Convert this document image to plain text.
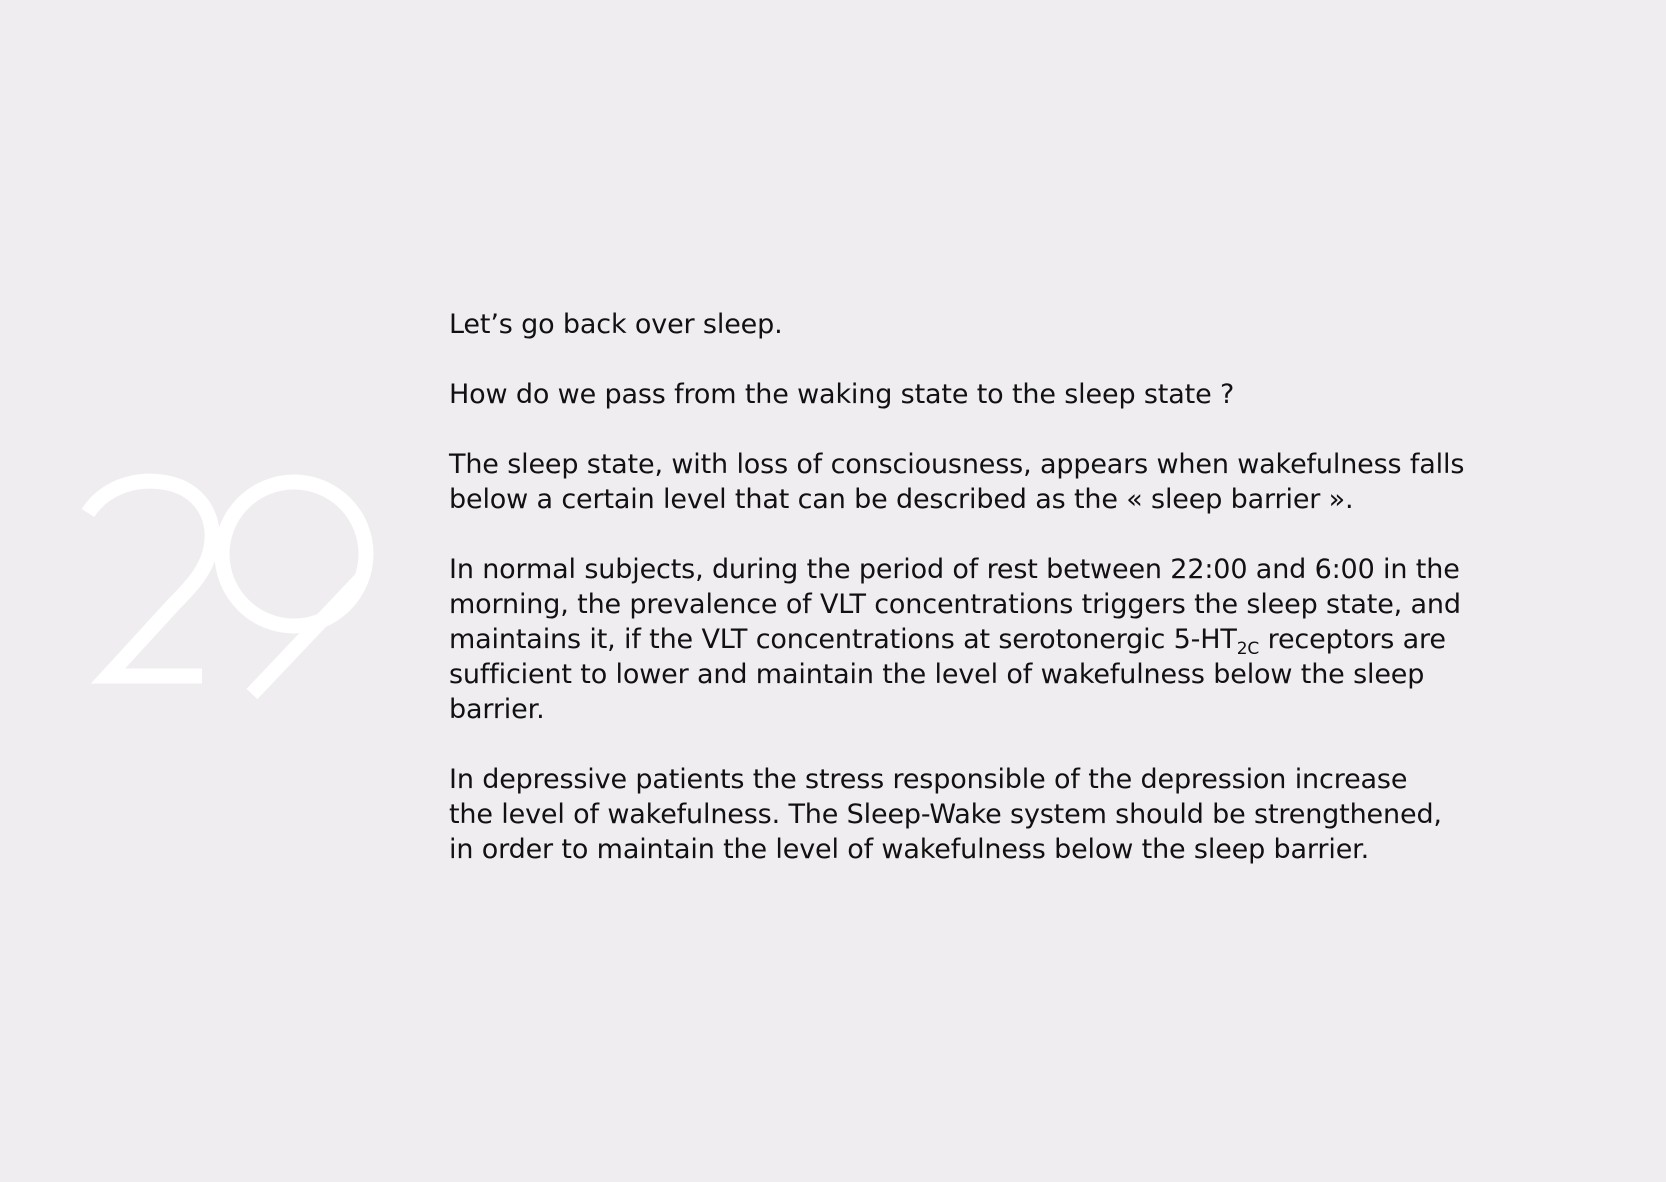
Let’s go back over sleep.

How do we pass from the waking state to the sleep state ?

The sleep state, with loss of consciousness, appears when wakefulness falls
below a certain level that can be described as the « sleep barrier ».

In normal subjects, during the period of rest between 22:00 and 6:00 in the
morning, the prevalence of VLT concentrations triggers the sleep state, and
maintains it, if the VLT concentrations at serotonergic $5-HT_{2C}$ receptors are
sufficient to lower and maintain the level of wakefulness below the sleep
barrier.

In depressive patients the stress responsible of the depression increase
the level of wakefulness. The Sleep-Wake system should be strengthened,
in order to maintain the level of wakefulness below the sleep barrier.
